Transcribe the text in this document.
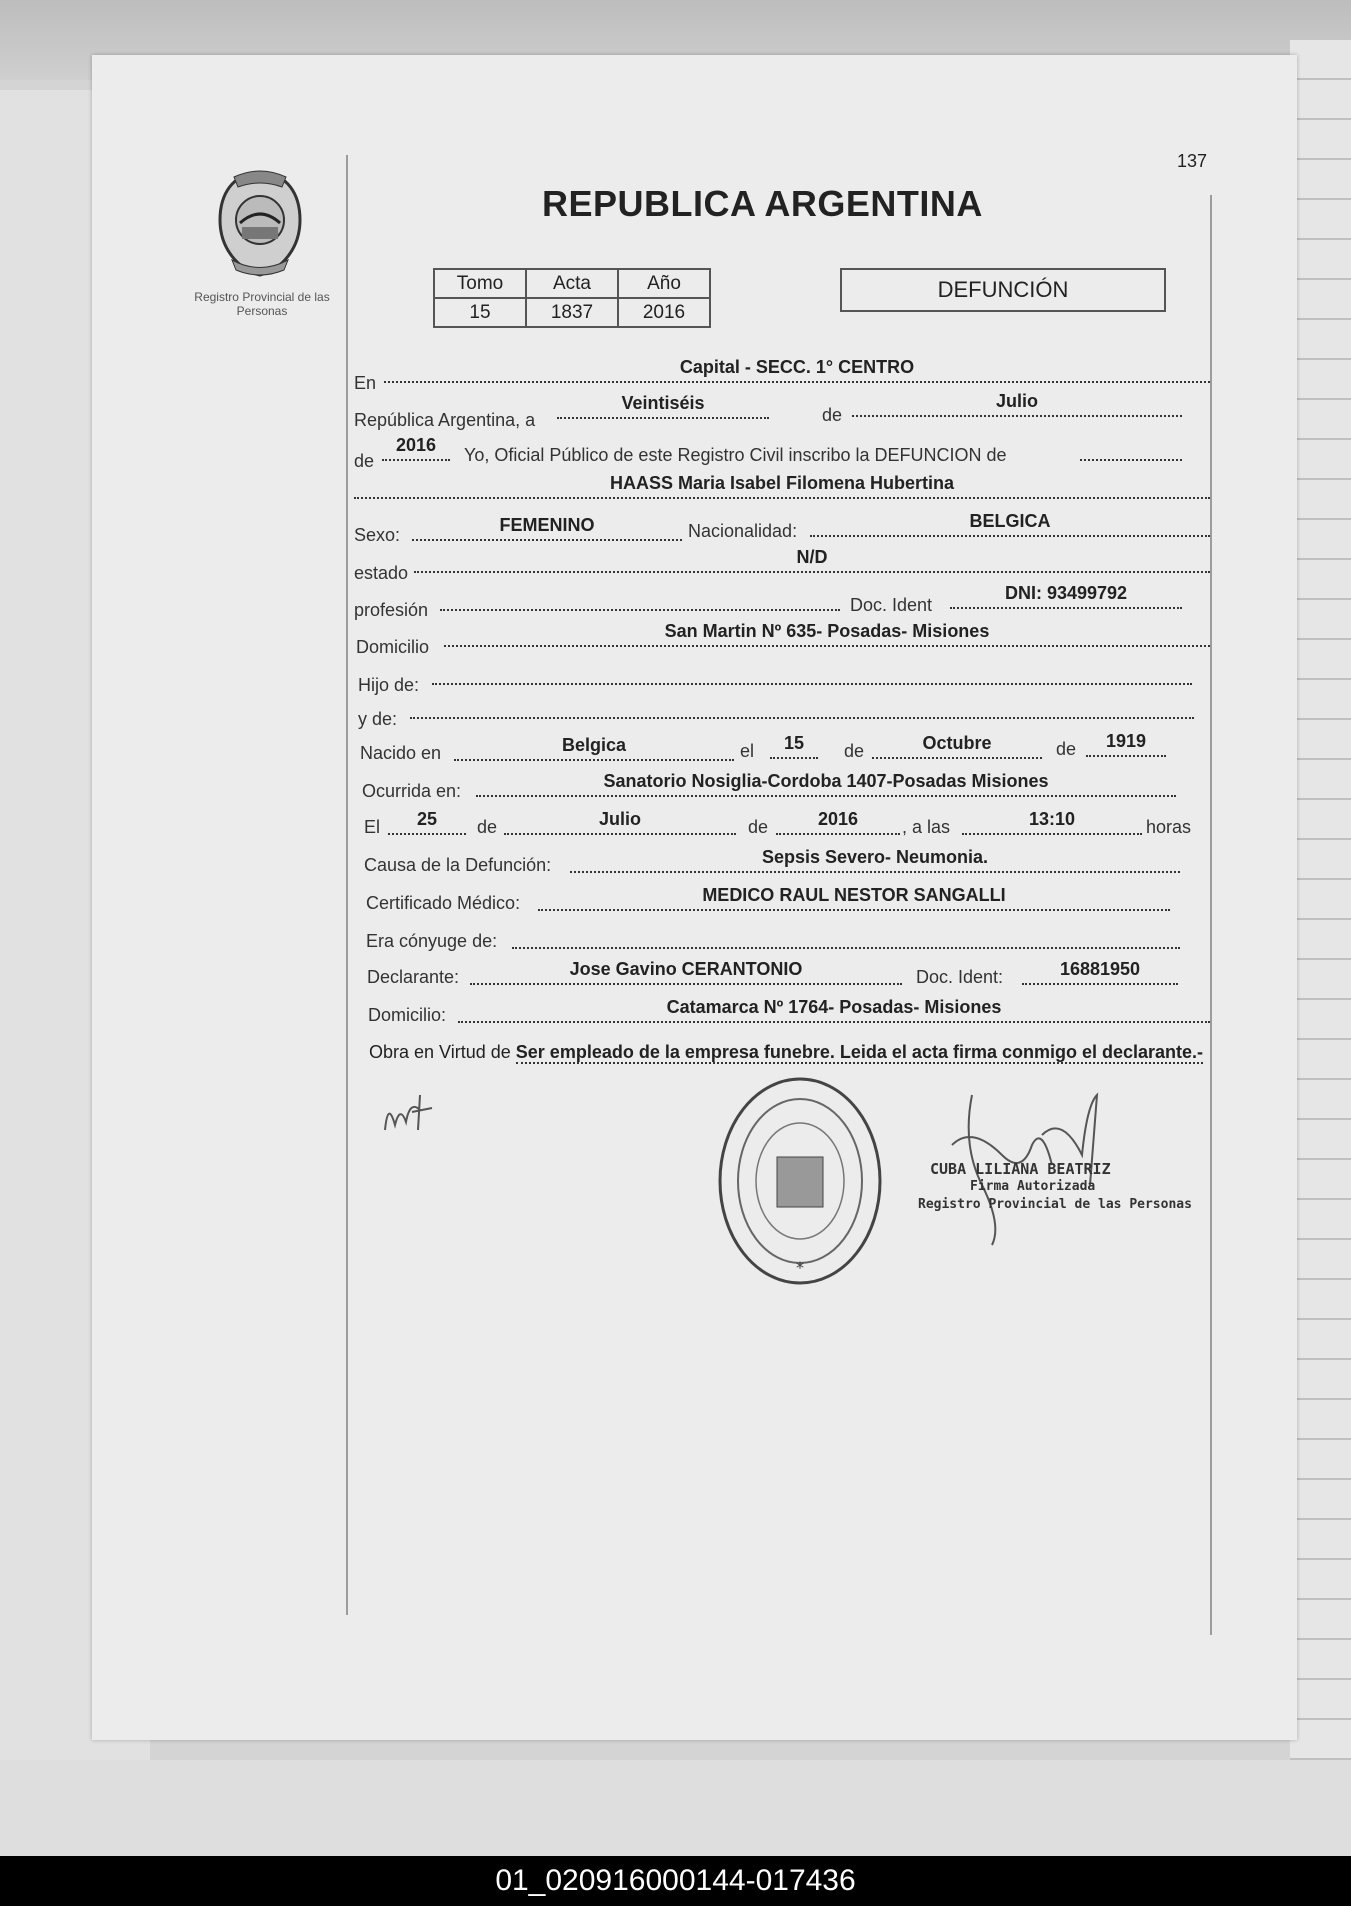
137
Registro Provincial de las Personas
REPUBLICA ARGENTINA
Tomo	Acta	Año
15	1837	2016
DEFUNCIÓN
En
Capital - SECC. 1° CENTRO
República Argentina, a
Veintiséis
de
Julio
de
2016	Yo, Oficial Público de este Registro Civil inscribo la DEFUNCION de
HAASS Maria Isabel Filomena Hubertina
Sexo:	FEMENINO	Nacionalidad:	BELGICA
estado
N/D
profesión	Doc. Ident
DNI: 93499792
Domicilio
San Martin Nº 635- Posadas- Misiones
Hijo de:
y de:
Nacido en	Belgica	el	15	de	Octubre	de	1919
Ocurrida en:	Sanatorio Nosiglia-Cordoba 1407-Posadas Misiones
El	25	de	Julio	de	2016	, a las	13:10	horas
Causa de la Defunción:	Sepsis Severo- Neumonia.
Certificado Médico:	MEDICO RAUL NESTOR SANGALLI
Era cónyuge de:
Declarante:	Jose Gavino CERANTONIO	Doc. Ident:	16881950
Domicilio:	Catamarca Nº 1764- Posadas- Misiones
Obra en Virtud de Ser empleado de la empresa funebre. Leida el acta firma conmigo el declarante.-
*
CUBA LILIANA BEATRIZ
Firma Autorizada
Registro Provincial de las Personas
01_020916000144-017436
